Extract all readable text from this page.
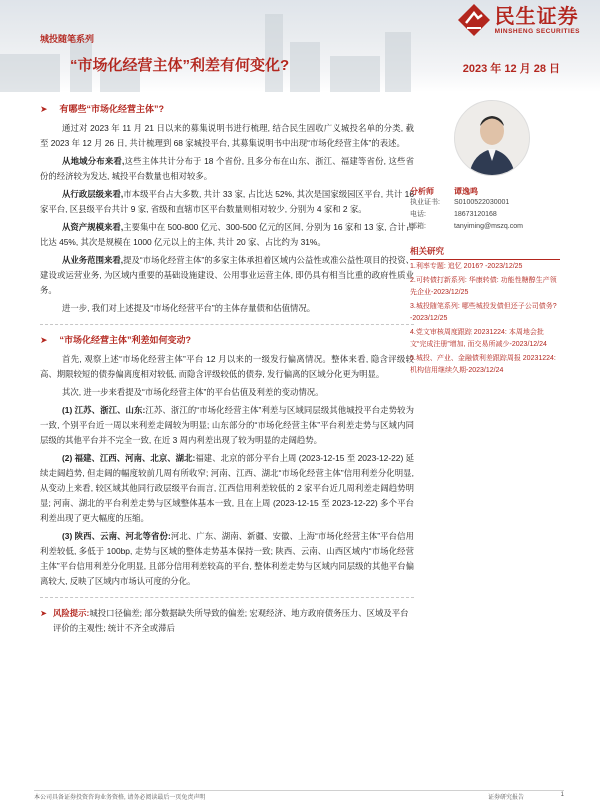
城投随笔系列
“市场化经营主体”利差有何变化?	2023 年 12 月 28 日
民生证券
MINSHENG SECURITIES
➤ 有哪些“市场化经营主体”?

通过对 2023 年 11 月 21 日以来的募集说明书进行梳理, 结合民生固收广义城投名单的分类, 截至 2023 年 12 月 26 日, 共计梳理到 68 家城投平台, 其募集说明书中出现“市场化经营主体”的表述。

从地域分布来看,这些主体共计分布于 18 个省份, 且多分布在山东、浙江、福建等省份, 这些省份的经济较为发达, 城投平台数量也相对较多。

从行政层级来看,市本级平台占大多数, 共计 33 家, 占比达 52%, 其次是国家级园区平台, 共计 16 家平台, 区县级平台共计 9 家, 省级和直辖市区平台数量则相对较少, 分别为 4 家和 2 家。

从资产规模来看,主要集中在 500-800 亿元、300-500 亿元的区间, 分别为 16 家和 13 家, 合计占比达 45%, 其次是规模在 1000 亿元以上的主体, 共计 20 家、占比约为 31%。

从业务范围来看,提及“市场化经营主体”的多家主体承担着区域内公益性或准公益性项目的投资、建设或运营业务, 为区域内重要的基础设施建设、公用事业运营主体, 即仍具有相当比重的政府性质业务。

进一步, 我们对上述提及“市场化经营平台”的主体存量债和估值情况。

➤ “市场化经营主体”利差如何变动?

首先, 观察上述“市场化经营主体”平台 12 月以来的一级发行偏离情况。整体来看, 隐含评级较高、期限较短的债券偏离度相对较低, 而隐含评级较低的债券, 发行偏离的区域分化更为明显。

其次, 进一步来看提及“市场化经营主体”的平台估值及利差的变动情况。

(1) 江苏、浙江、山东:江苏、浙江的“市场化经营主体”利差与区域同层级其他城投平台走势较为一致, 个别平台近一周以来利差走阔较为明显; 山东部分的“市场化经营主体”平台利差走势与区域内同层级的其他平台并不完全一致, 在近 3 周内利差出现了较为明显的走阔趋势。

(2) 福建、江西、河南、北京、湖北:福建、北京的部分平台上周 (2023-12-15 至 2023-12-22) 延续走阔趋势, 但走阔的幅度较前几周有所收窄; 河南、江西、湖北“市场化经营主体”信用利差分化明显, 从变动上来看, 较区域其他同行政层级平台而言, 江西信用利差较低的 2 家平台近几周利差走阔趋势明显; 河南、湖北的平台利差走势与区域整体基本一致, 且在上周 (2023-12-15 至 2023-12-22) 多个平台利差出现了更大幅度的压缩。

(3) 陕西、云南、河北等省份:河北、广东、湖南、新疆、安徽、上海“市场化经营主体”平台信用利差较低, 多低于 100bp, 走势与区域的整体走势基本保持一致; 陕西、云南、山西区域内“市场化经营主体”平台信用利差分化明显, 且部分信用利差较高的平台, 整体利差走势与区域内同层级的其他平台偏离较大, 反映了区域内市场认可度的分化。

➤ 风险提示:城投口径偏差; 部分数据缺失所导致的偏差; 宏观经济、地方政府债务压力、区域及平台评价的主观性; 统计不齐全或滞后
分析师	谭逸鸣
执业证书:	S0100522030001
电话:	18673120168
邮箱:	tanyiming@mszq.com
相关研究
1.利率专题: 追忆 2016? -2023/12/25
2.可转债打新系列: 华康转债: 功能性糖醇生产领先企业-2023/12/25
3.城投随笔系列: 哪些城投发债但还子公司债务? -2023/12/25
4.党文审核周度跟踪 20231224: 本周地会批文“完成注册”增加, 而交易所减少-2023/12/24
5.城投、产业、金融债利差跟踪周报 20231224: 机构信用继续久期-2023/12/24
本公司具备证券投资咨询业务资格, 请务必阅读最后一页免责声明	证券研究报告	1
